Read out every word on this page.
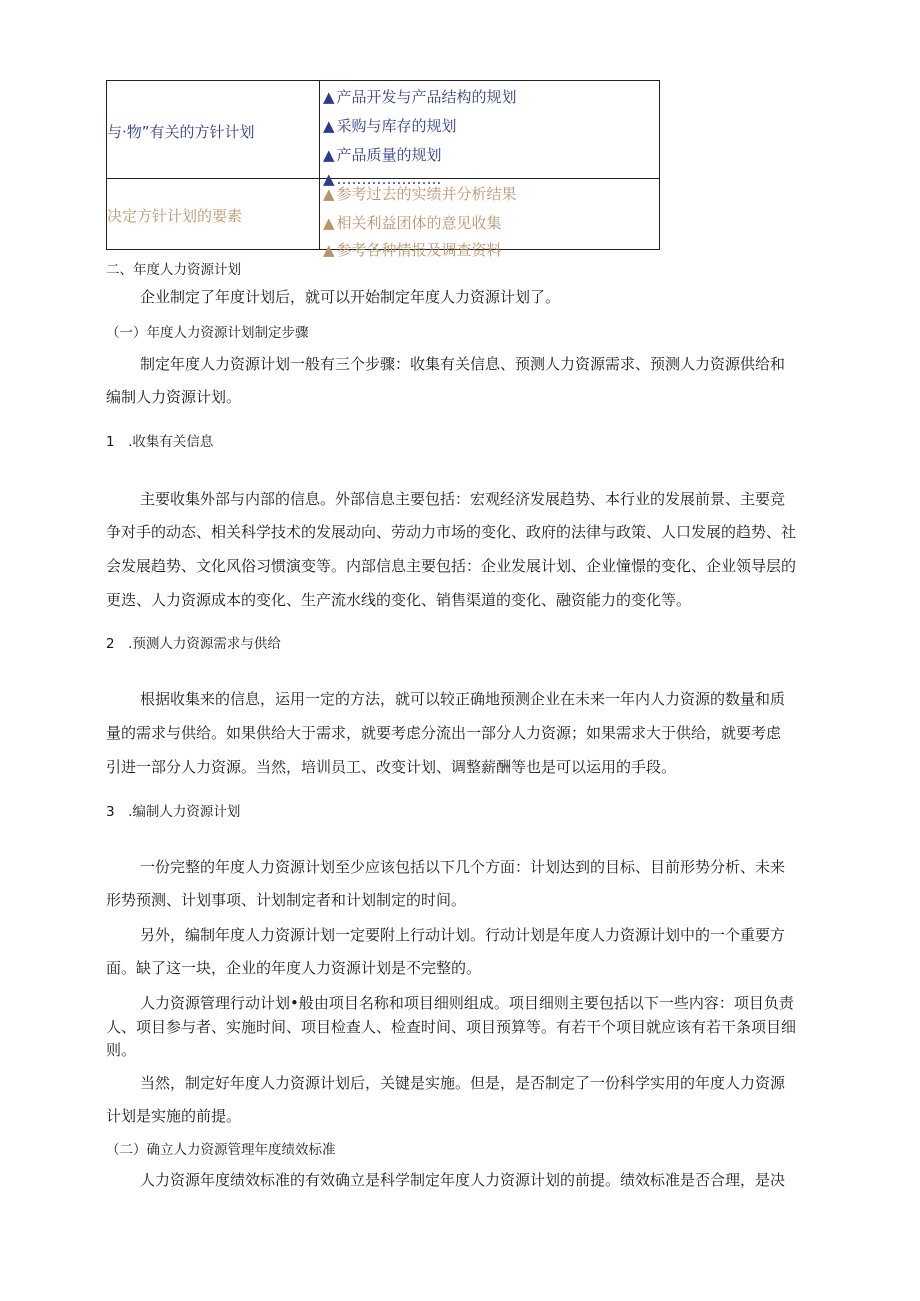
与·物”有关的方针计划
▲ 产品开发与产品结构的规划
▲ 采购与库存的规划
▲ 产品质量的规划
▲ …………………
决定方针计划的要素
▲ 参考过去的实绩并分析结果
▲ 相关利益团体的意见收集
▲ 参考各种情报及调查资料
二、年度人力资源计划
企业制定了年度计划后，就可以开始制定年度人力资源计划了。
（一）年度人力资源计划制定步骤
制定年度人力资源计划一般有三个步骤：收集有关信息、预测人力资源需求、预测人力资源供给和
编制人力资源计划。
1　.收集有关信息
主要收集外部与内部的信息。外部信息主要包括：宏观经济发展趋势、本行业的发展前景、主要竞
争对手的动态、相关科学技术的发展动向、劳动力市场的变化、政府的法律与政策、人口发展的趋势、社
会发展趋势、文化风俗习惯演变等。内部信息主要包括：企业发展计划、企业憧憬的变化、企业领导层的
更迭、人力资源成本的变化、生产流水线的变化、销售渠道的变化、融资能力的变化等。
2　.预测人力资源需求与供给
根据收集来的信息，运用一定的方法，就可以较正确地预测企业在未来一年内人力资源的数量和质
量的需求与供给。如果供给大于需求，就要考虑分流出一部分人力资源；如果需求大于供给，就要考虑
引进一部分人力资源。当然，培训员工、改变计划、调整薪酬等也是可以运用的手段。
3　.编制人力资源计划
一份完整的年度人力资源计划至少应该包括以下几个方面：计划达到的目标、目前形势分析、未来
形势预测、计划事项、计划制定者和计划制定的时间。
另外，编制年度人力资源计划一定要附上行动计划。行动计划是年度人力资源计划中的一个重要方
面。缺了这一块，企业的年度人力资源计划是不完整的。
人力资源管理行动计划•般由项目名称和项目细则组成。项目细则主要包括以下一些内容：项目负责
人、项目参与者、实施时间、项目检查人、检查时间、项目预算等。有若干个项目就应该有若干条项目细
则。
当然，制定好年度人力资源计划后，关键是实施。但是，是否制定了一份科学实用的年度人力资源
计划是实施的前提。
（二）确立人力资源管理年度绩效标准
人力资源年度绩效标准的有效确立是科学制定年度人力资源计划的前提。绩效标准是否合理，是决
